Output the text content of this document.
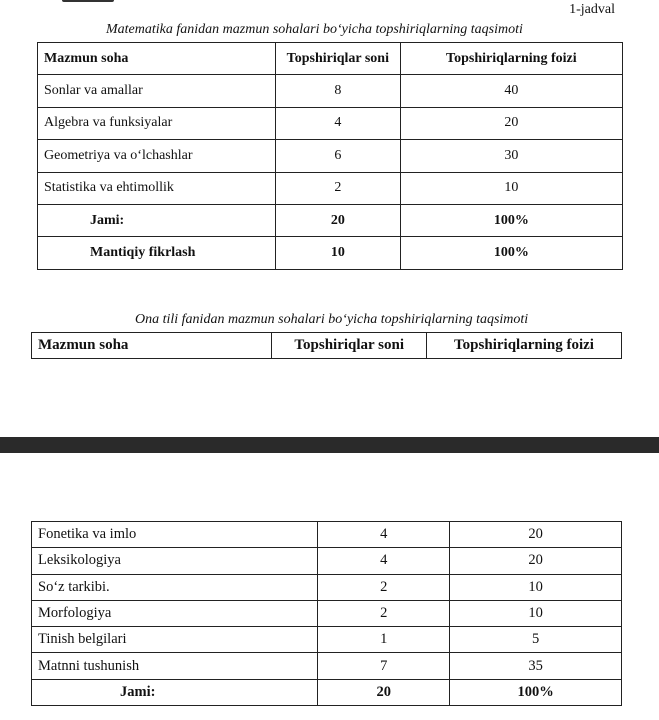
1-jadval
Matematika fanidan mazmun sohalari bo‘yicha topshiriqlarning taqsimoti
Mazmun soha	Topshiriqlar soni	Topshiriqlarning foizi
Sonlar va amallar	8	40
Algebra va funksiyalar	4	20
Geometriya va o‘lchashlar	6	30
Statistika va ehtimollik	2	10
Jami:	20	100%
Mantiqiy fikrlash	10	100%
Ona tili fanidan mazmun sohalari bo‘yicha topshiriqlarning taqsimoti
Mazmun soha	Topshiriqlar soni	Topshiriqlarning foizi
Fonetika va imlo	4	20
Leksikologiya	4	20
So‘z tarkibi.	2	10
Morfologiya	2	10
Tinish belgilari	1	5
Matnni tushunish	7	35
Jami:	20	100%
